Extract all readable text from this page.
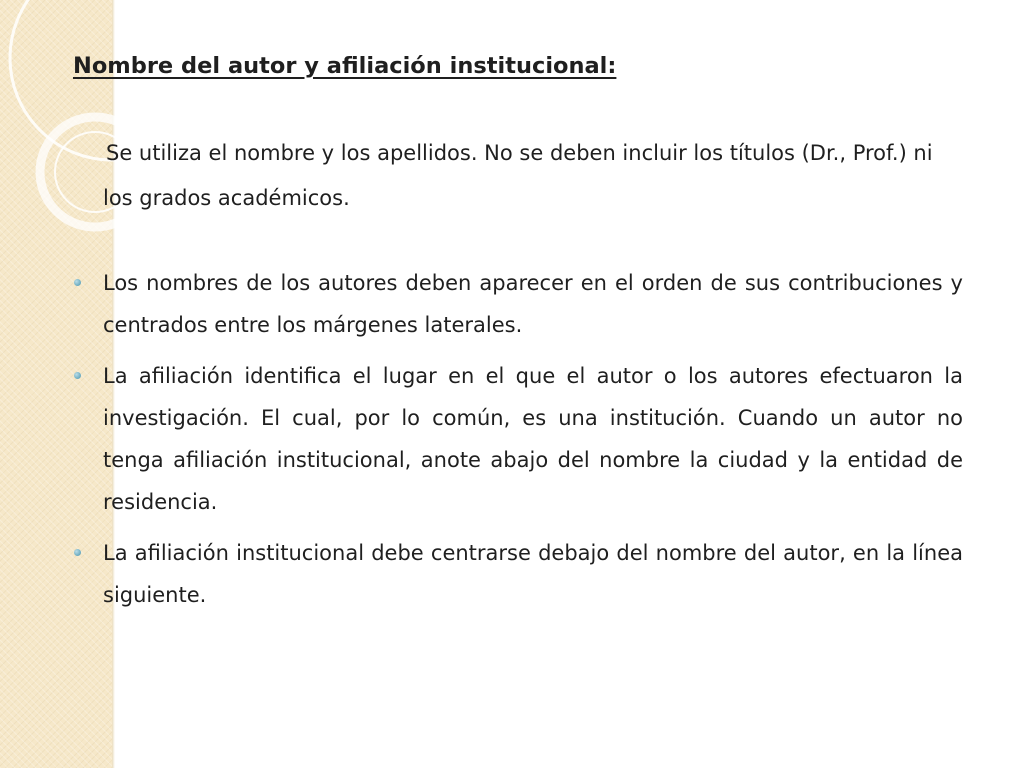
Nombre del autor y afiliación institucional:
Se utiliza el nombre y los apellidos. No se deben incluir los títulos (Dr., Prof.) ni los grados académicos.
Los nombres de los autores deben aparecer en el orden de sus contribuciones y centrados entre los márgenes laterales.
La afiliación identifica el lugar en el que el autor o los autores efectuaron la investigación. El cual, por lo común, es una institución. Cuando un autor no tenga afiliación institucional, anote abajo del nombre la ciudad y la entidad de residencia.
La afiliación institucional debe centrarse debajo del nombre del autor, en la línea siguiente.
